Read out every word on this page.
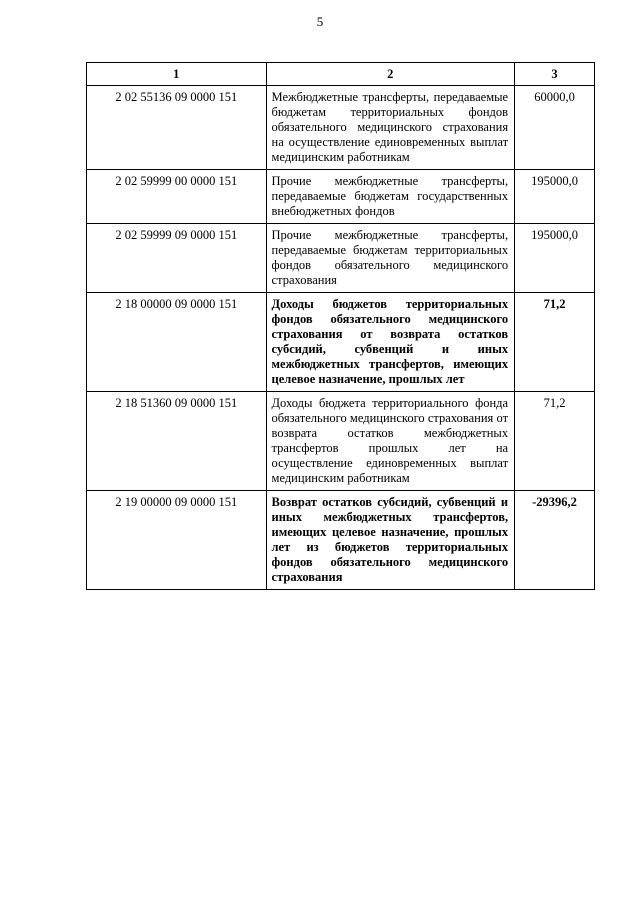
5
1	2	3
2 02 55136 09 0000 151	Межбюджетные трансферты, передаваемые бюджетам территориальных фондов обязательного медицинского страхования на осуществление единовременных выплат медицинским работникам	60000,0
2 02 59999 00 0000 151	Прочие межбюджетные трансферты, передаваемые бюджетам государственных внебюджетных фондов	195000,0
2 02 59999 09 0000 151	Прочие межбюджетные трансферты, передаваемые бюджетам территориальных фондов обязательного медицинского страхования	195000,0
2 18 00000 09 0000 151	Доходы бюджетов территориальных фондов обязательного медицинского страхования от возврата остатков субсидий, субвенций и иных межбюджетных трансфертов, имеющих целевое назначение, прошлых лет	71,2
2 18 51360 09 0000 151	Доходы бюджета территориального фонда обязательного медицинского страхования от возврата остатков межбюджетных трансфертов прошлых лет на осуществление единовременных выплат медицинским работникам	71,2
2 19 00000 09 0000 151	Возврат остатков субсидий, субвенций и иных межбюджетных трансфертов, имеющих целевое назначение, прошлых лет из бюджетов территориальных фондов обязательного медицинского страхования	-29396,2
